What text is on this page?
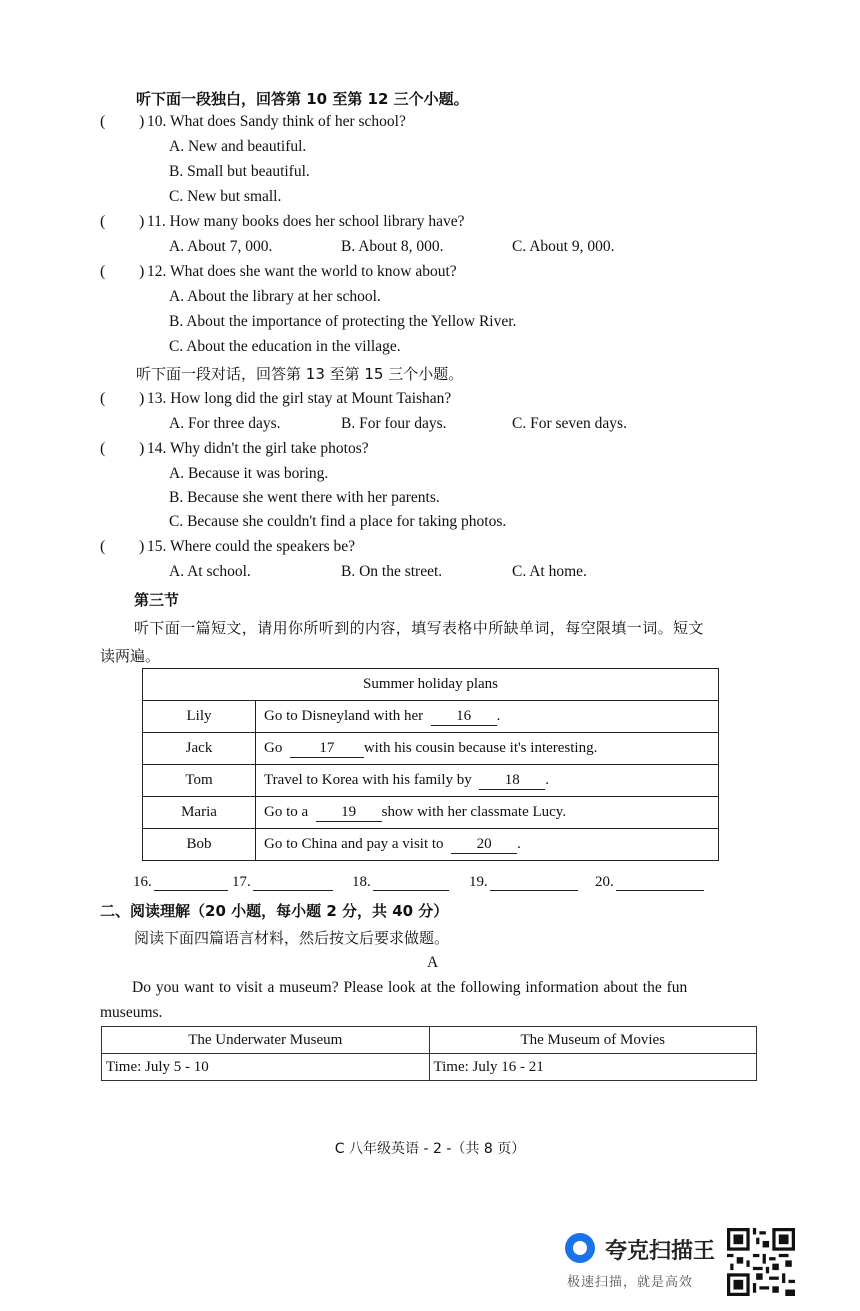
听下面一段独白，回答第 10 至第 12 三个小题。
( ) 10. What does Sandy think of her school?
A. New and beautiful.
B. Small but beautiful.
C. New but small.
( ) 11. How many books does her school library have?
A. About 7, 000.	B. About 8, 000.	C. About 9, 000.
( ) 12. What does she want the world to know about?
A. About the library at her school.
B. About the importance of protecting the Yellow River.
C. About the education in the village.
听下面一段对话，回答第 13 至第 15 三个小题。
( ) 13. How long did the girl stay at Mount Taishan?
A. For three days.	B. For four days.	C. For seven days.
( ) 14. Why didn't the girl take photos?
A. Because it was boring.
B. Because she went there with her parents.
C. Because she couldn't find a place for taking photos.
( ) 15. Where could the speakers be?
A. At school.	B. On the street.	C. At home.
第三节
听下面一篇短文，请用你所听到的内容，填写表格中所缺单词，每空限填一词。短文
读两遍。
Summer holiday plans	
Lily	Go to Disneyland with her 16 .
Jack	Go 17 with his cousin because it's interesting.
Tom	Travel to Korea with his family by 18 .
Maria	Go to a 19 show with her classmate Lucy.
Bob	Go to China and pay a visit to 20 .
16.	17.	18.	19.	20.
二、阅读理解（20 小题，每小题 2 分，共 40 分）
阅读下面四篇语言材料，然后按文后要求做题。
A
Do you want to visit a museum? Please look at the following information about the fun
museums.
The Underwater Museum	The Museum of Movies
Time: July 5 - 10	Time: July 16 - 21
C 八年级英语 - 2 -（共 8 页）
夸克扫描王
极速扫描，就是高效
